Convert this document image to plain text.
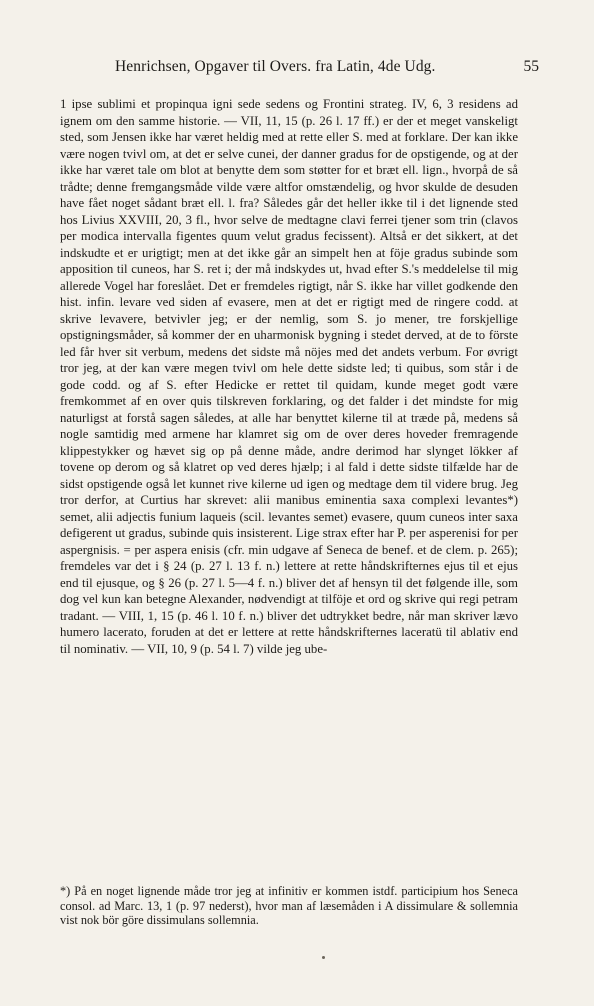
Henrichsen, Opgaver til Overs. fra Latin, 4de Udg.	55

1 ipse sublimi et propinqua igni sede sedens og Frontini strateg. IV, 6, 3 residens ad ignem om den samme historie. — VII, 11, 15 (p. 26 l. 17 ff.) er der et meget vanskeligt sted, som Jensen ikke har været heldig med at rette eller S. med at forklare. Der kan ikke være nogen tvivl om, at det er selve cunei, der danner gradus for de opstigende, og at der ikke har været tale om blot at benytte dem som støtter for et bræt ell. lign., hvorpå de så trådte; denne fremgangsmåde vilde være altfor omstændelig, og hvor skulde de desuden have fået noget sådant bræt ell. l. fra? Således går det heller ikke til i det lignende sted hos Livius XXVIII, 20, 3 fl., hvor selve de medtagne clavi ferrei tjener som trin (clavos per modica intervalla figentes quum velut gradus fecissent). Altså er det sikkert, at det indskudte et er urigtigt; men at det ikke går an simpelt hen at föje gradus subinde som apposition til cuneos, har S. ret i; der må indskydes ut, hvad efter S.'s meddelelse til mig allerede Vogel har foreslået. Det er fremdeles rigtigt, når S. ikke har villet godkende den hist. infin. levare ved siden af evasere, men at det er rigtigt med de ringere codd. at skrive levavere, betvivler jeg; er der nemlig, som S. jo mener, tre forskjellige opstigningsmåder, så kommer der en uharmonisk bygning i stedet derved, at de to förste led får hver sit verbum, medens det sidste må nöjes med det andets verbum. For øvrigt tror jeg, at der kan være megen tvivl om hele dette sidste led; ti quibus, som står i de gode codd. og af S. efter Hedicke er rettet til quidam, kunde meget godt være fremkommet af en over quis tilskreven forklaring, og det falder i det mindste for mig naturligst at forstå sagen således, at alle har benyttet kilerne til at træde på, medens så nogle samtidig med armene har klamret sig om de over deres hoveder fremragende klippestykker og hævet sig op på denne måde, andre derimod har slynget lökker af tovene op derom og så klatret op ved deres hjælp; i al fald i dette sidste tilfælde har de sidst opstigende også let kunnet rive kilerne ud igen og medtage dem til videre brug. Jeg tror derfor, at Curtius har skrevet: alii manibus eminentia saxa complexi levantes*) semet, alii adjectis funium laqueis (scil. levantes semet) evasere, quum cuneos inter saxa defigerent ut gradus, subinde quis insisterent. Lige strax efter har P. per asperenisi for per aspergnisis. = per aspera enisis (cfr. min udgave af Seneca de benef. et de clem. p. 265); fremdeles var det i § 24 (p. 27 l. 13 f. n.) lettere at rette håndskrifternes ejus til et ejus end til ejusque, og § 26 (p. 27 l. 5—4 f. n.) bliver det af hensyn til det følgende ille, som dog vel kun kan betegne Alexander, nødvendigt at tilföje et ord og skrive qui regi petram tradant. — VIII, 1, 15 (p. 46 l. 10 f. n.) bliver det udtrykket bedre, når man skriver lævo humero lacerato, foruden at det er lettere at rette håndskrifternes laceratü til ablativ end til nominativ. — VII, 10, 9 (p. 54 l. 7) vilde jeg ube-

*) På en noget lignende måde tror jeg at infinitiv er kommen istdf. participium hos Seneca consol. ad Marc. 13, 1 (p. 97 nederst), hvor man af læsemåden i A dissimulare & sollemnia vist nok bör göre dissimulans sollemnia.
